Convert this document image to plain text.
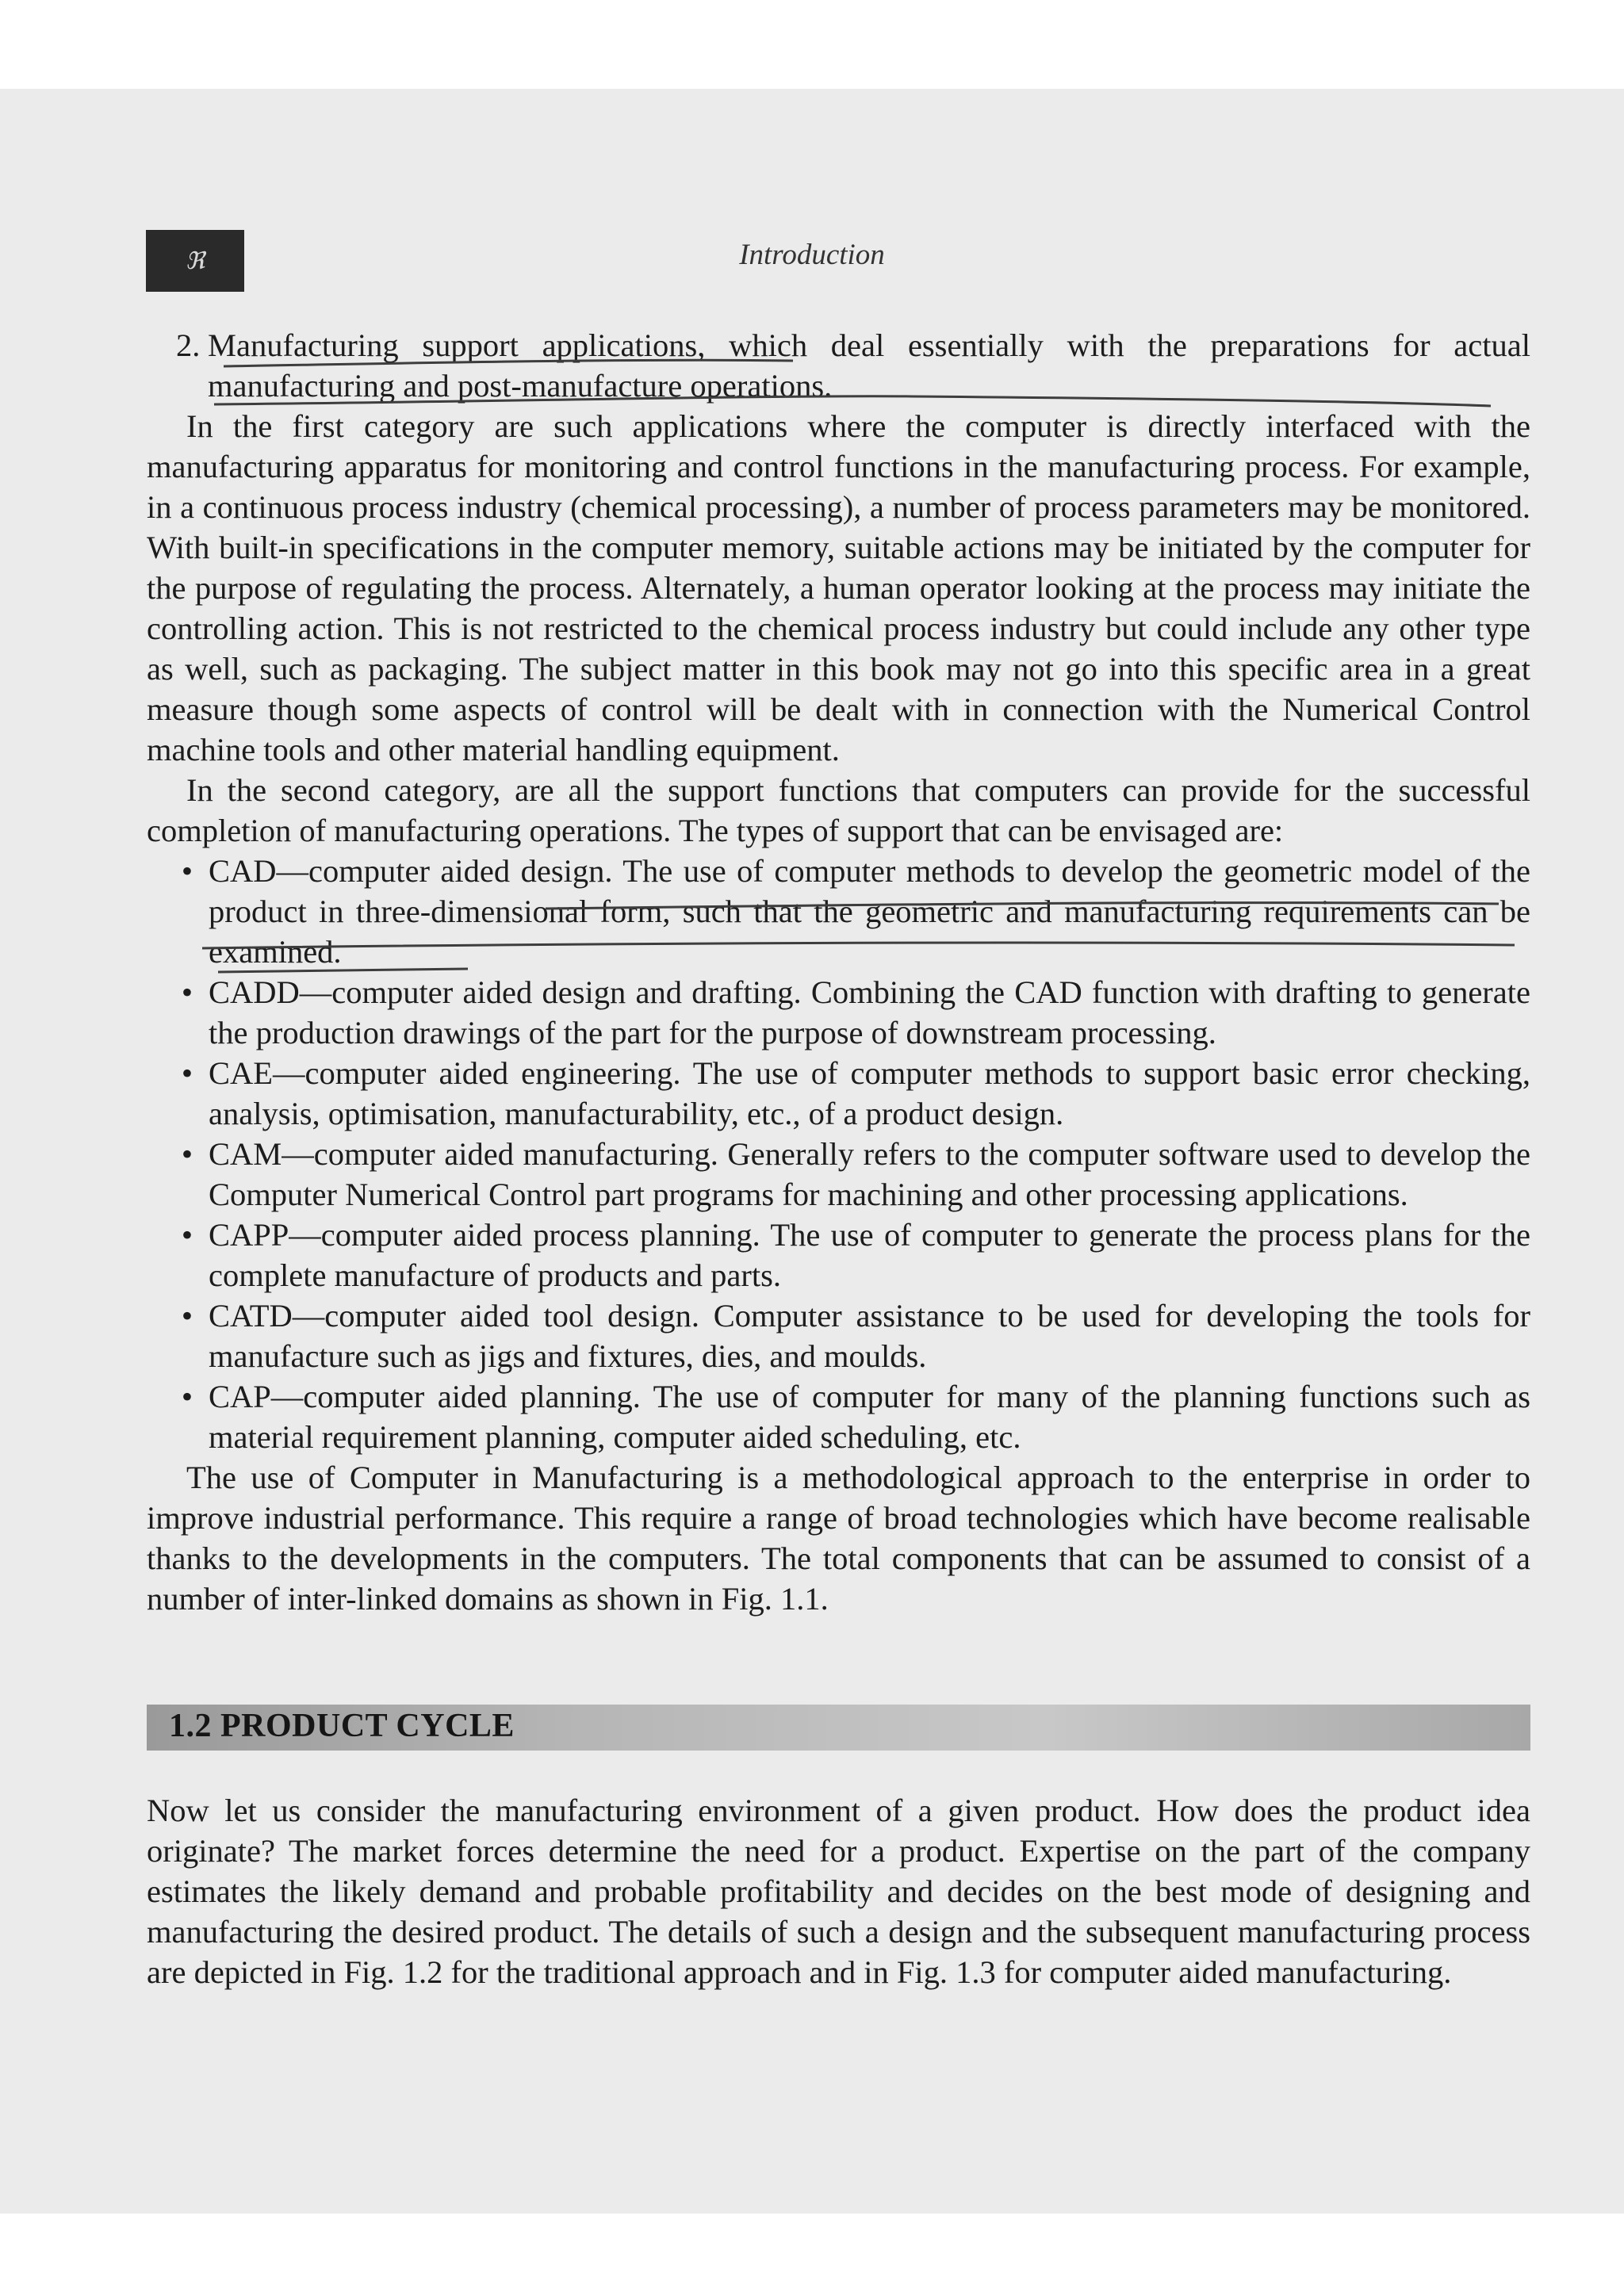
ℜ	Introduction
2. Manufacturing support applications, which deal essentially with the preparations for actual manufacturing and post-manufacture operations.

In the first category are such applications where the computer is directly interfaced with the manufacturing apparatus for monitoring and control functions in the manufacturing process. For example, in a continuous process industry (chemical processing), a number of process parameters may be monitored. With built-in specifications in the computer memory, suitable actions may be initiated by the computer for the purpose of regulating the process. Alternately, a human operator looking at the process may initiate the controlling action. This is not restricted to the chemical process industry but could include any other type as well, such as packaging. The subject matter in this book may not go into this specific area in a great measure though some aspects of control will be dealt with in connection with the Numerical Control machine tools and other material handling equipment.

In the second category, are all the support functions that computers can provide for the successful completion of manufacturing operations. The types of support that can be envisaged are:

• CAD—computer aided design. The use of computer methods to develop the geometric model of the product in three-dimensional form, such that the geometric and manufacturing requirements can be examined.
• CADD—computer aided design and drafting. Combining the CAD function with drafting to generate the production drawings of the part for the purpose of downstream processing.
• CAE—computer aided engineering. The use of computer methods to support basic error checking, analysis, optimisation, manufacturability, etc., of a product design.
• CAM—computer aided manufacturing. Generally refers to the computer software used to develop the Computer Numerical Control part programs for machining and other processing applications.
• CAPP—computer aided process planning. The use of computer to generate the process plans for the complete manufacture of products and parts.
• CATD—computer aided tool design. Computer assistance to be used for developing the tools for manufacture such as jigs and fixtures, dies, and moulds.
• CAP—computer aided planning. The use of computer for many of the planning functions such as material requirement planning, computer aided scheduling, etc.

The use of Computer in Manufacturing is a methodological approach to the enterprise in order to improve industrial performance. This require a range of broad technologies which have become realisable thanks to the developments in the computers. The total components that can be assumed to consist of a number of inter-linked domains as shown in Fig. 1.1.

1.2 PRODUCT CYCLE

Now let us consider the manufacturing environment of a given product. How does the product idea originate? The market forces determine the need for a product. Expertise on the part of the company estimates the likely demand and probable profitability and decides on the best mode of designing and manufacturing the desired product. The details of such a design and the subsequent manufacturing process are depicted in Fig. 1.2 for the traditional approach and in Fig. 1.3 for computer aided manufacturing.
